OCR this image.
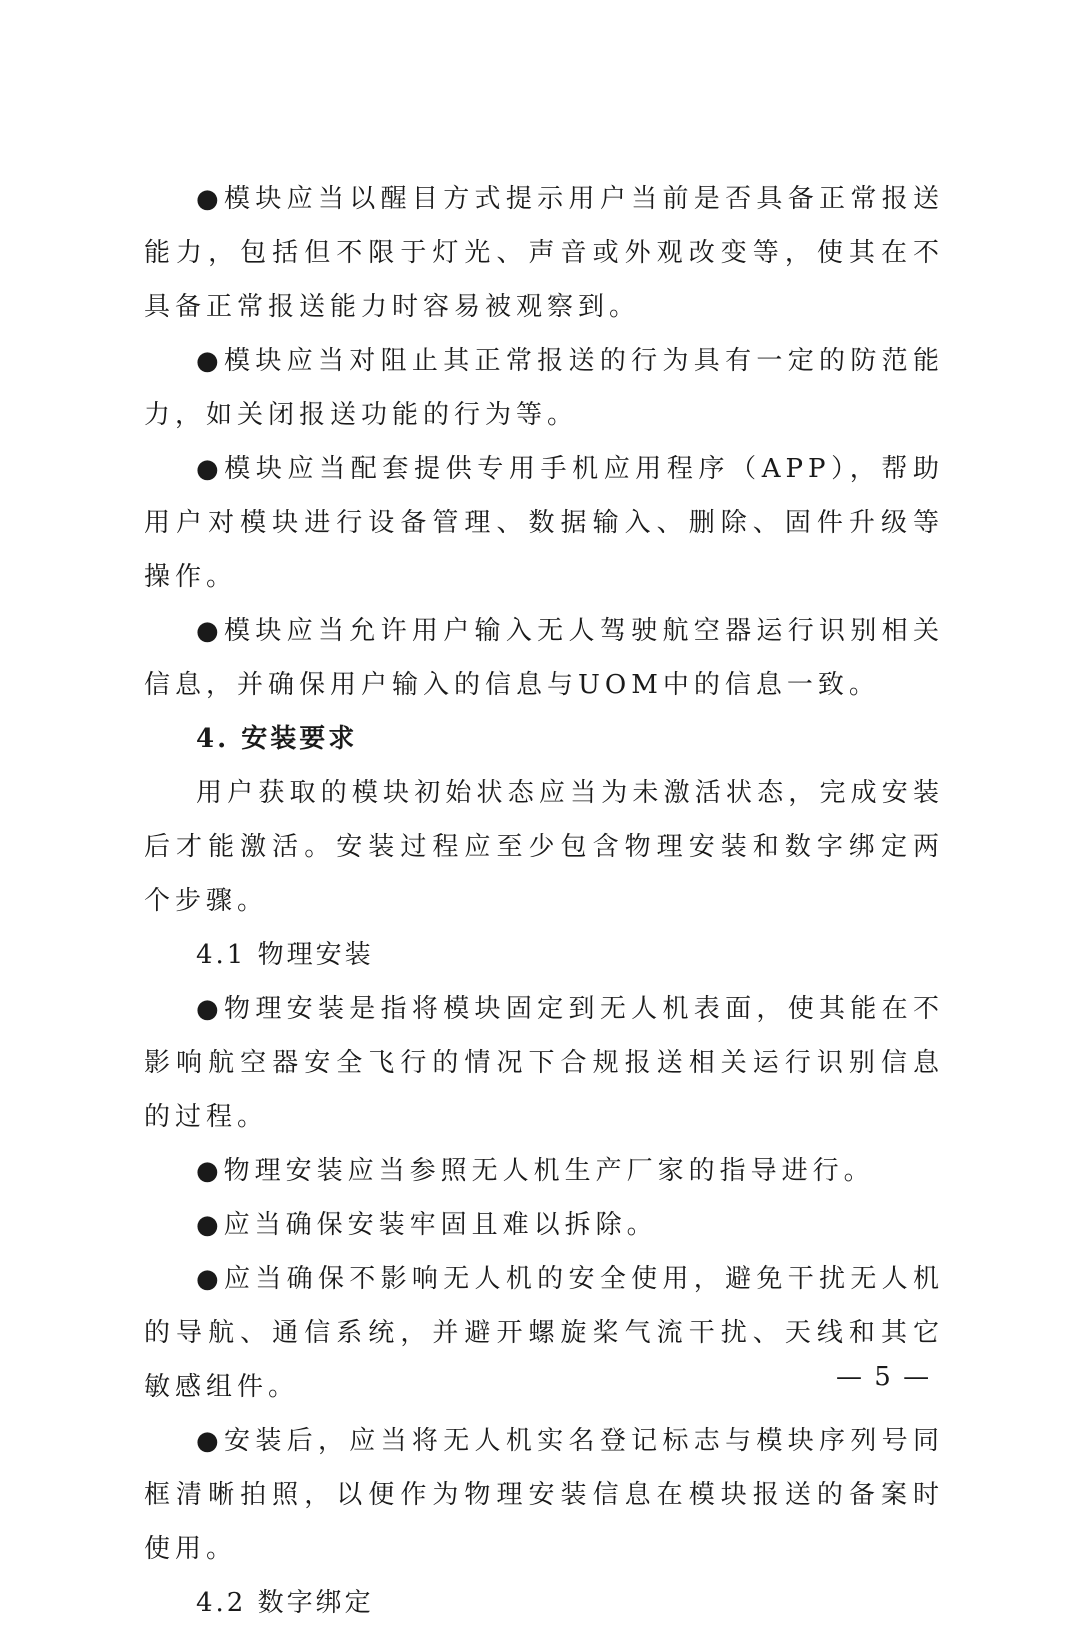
●模块应当以醒目方式提示用户当前是否具备正常报送能力，包括但不限于灯光、声音或外观改变等，使其在不具备正常报送能力时容易被观察到。

●模块应当对阻止其正常报送的行为具有一定的防范能力，如关闭报送功能的行为等。

●模块应当配套提供专用手机应用程序（APP），帮助用户对模块进行设备管理、数据输入、删除、固件升级等操作。

●模块应当允许用户输入无人驾驶航空器运行识别相关信息，并确保用户输入的信息与UOM中的信息一致。

4. 安装要求

用户获取的模块初始状态应当为未激活状态，完成安装后才能激活。安装过程应至少包含物理安装和数字绑定两个步骤。

4.1 物理安装

●物理安装是指将模块固定到无人机表面，使其能在不影响航空器安全飞行的情况下合规报送相关运行识别信息的过程。

●物理安装应当参照无人机生产厂家的指导进行。

●应当确保安装牢固且难以拆除。

●应当确保不影响无人机的安全使用，避免干扰无人机的导航、通信系统，并避开螺旋桨气流干扰、天线和其它敏感组件。

●安装后，应当将无人机实名登记标志与模块序列号同框清晰拍照，以便作为物理安装信息在模块报送的备案时使用。

4.2 数字绑定

— 5 —
